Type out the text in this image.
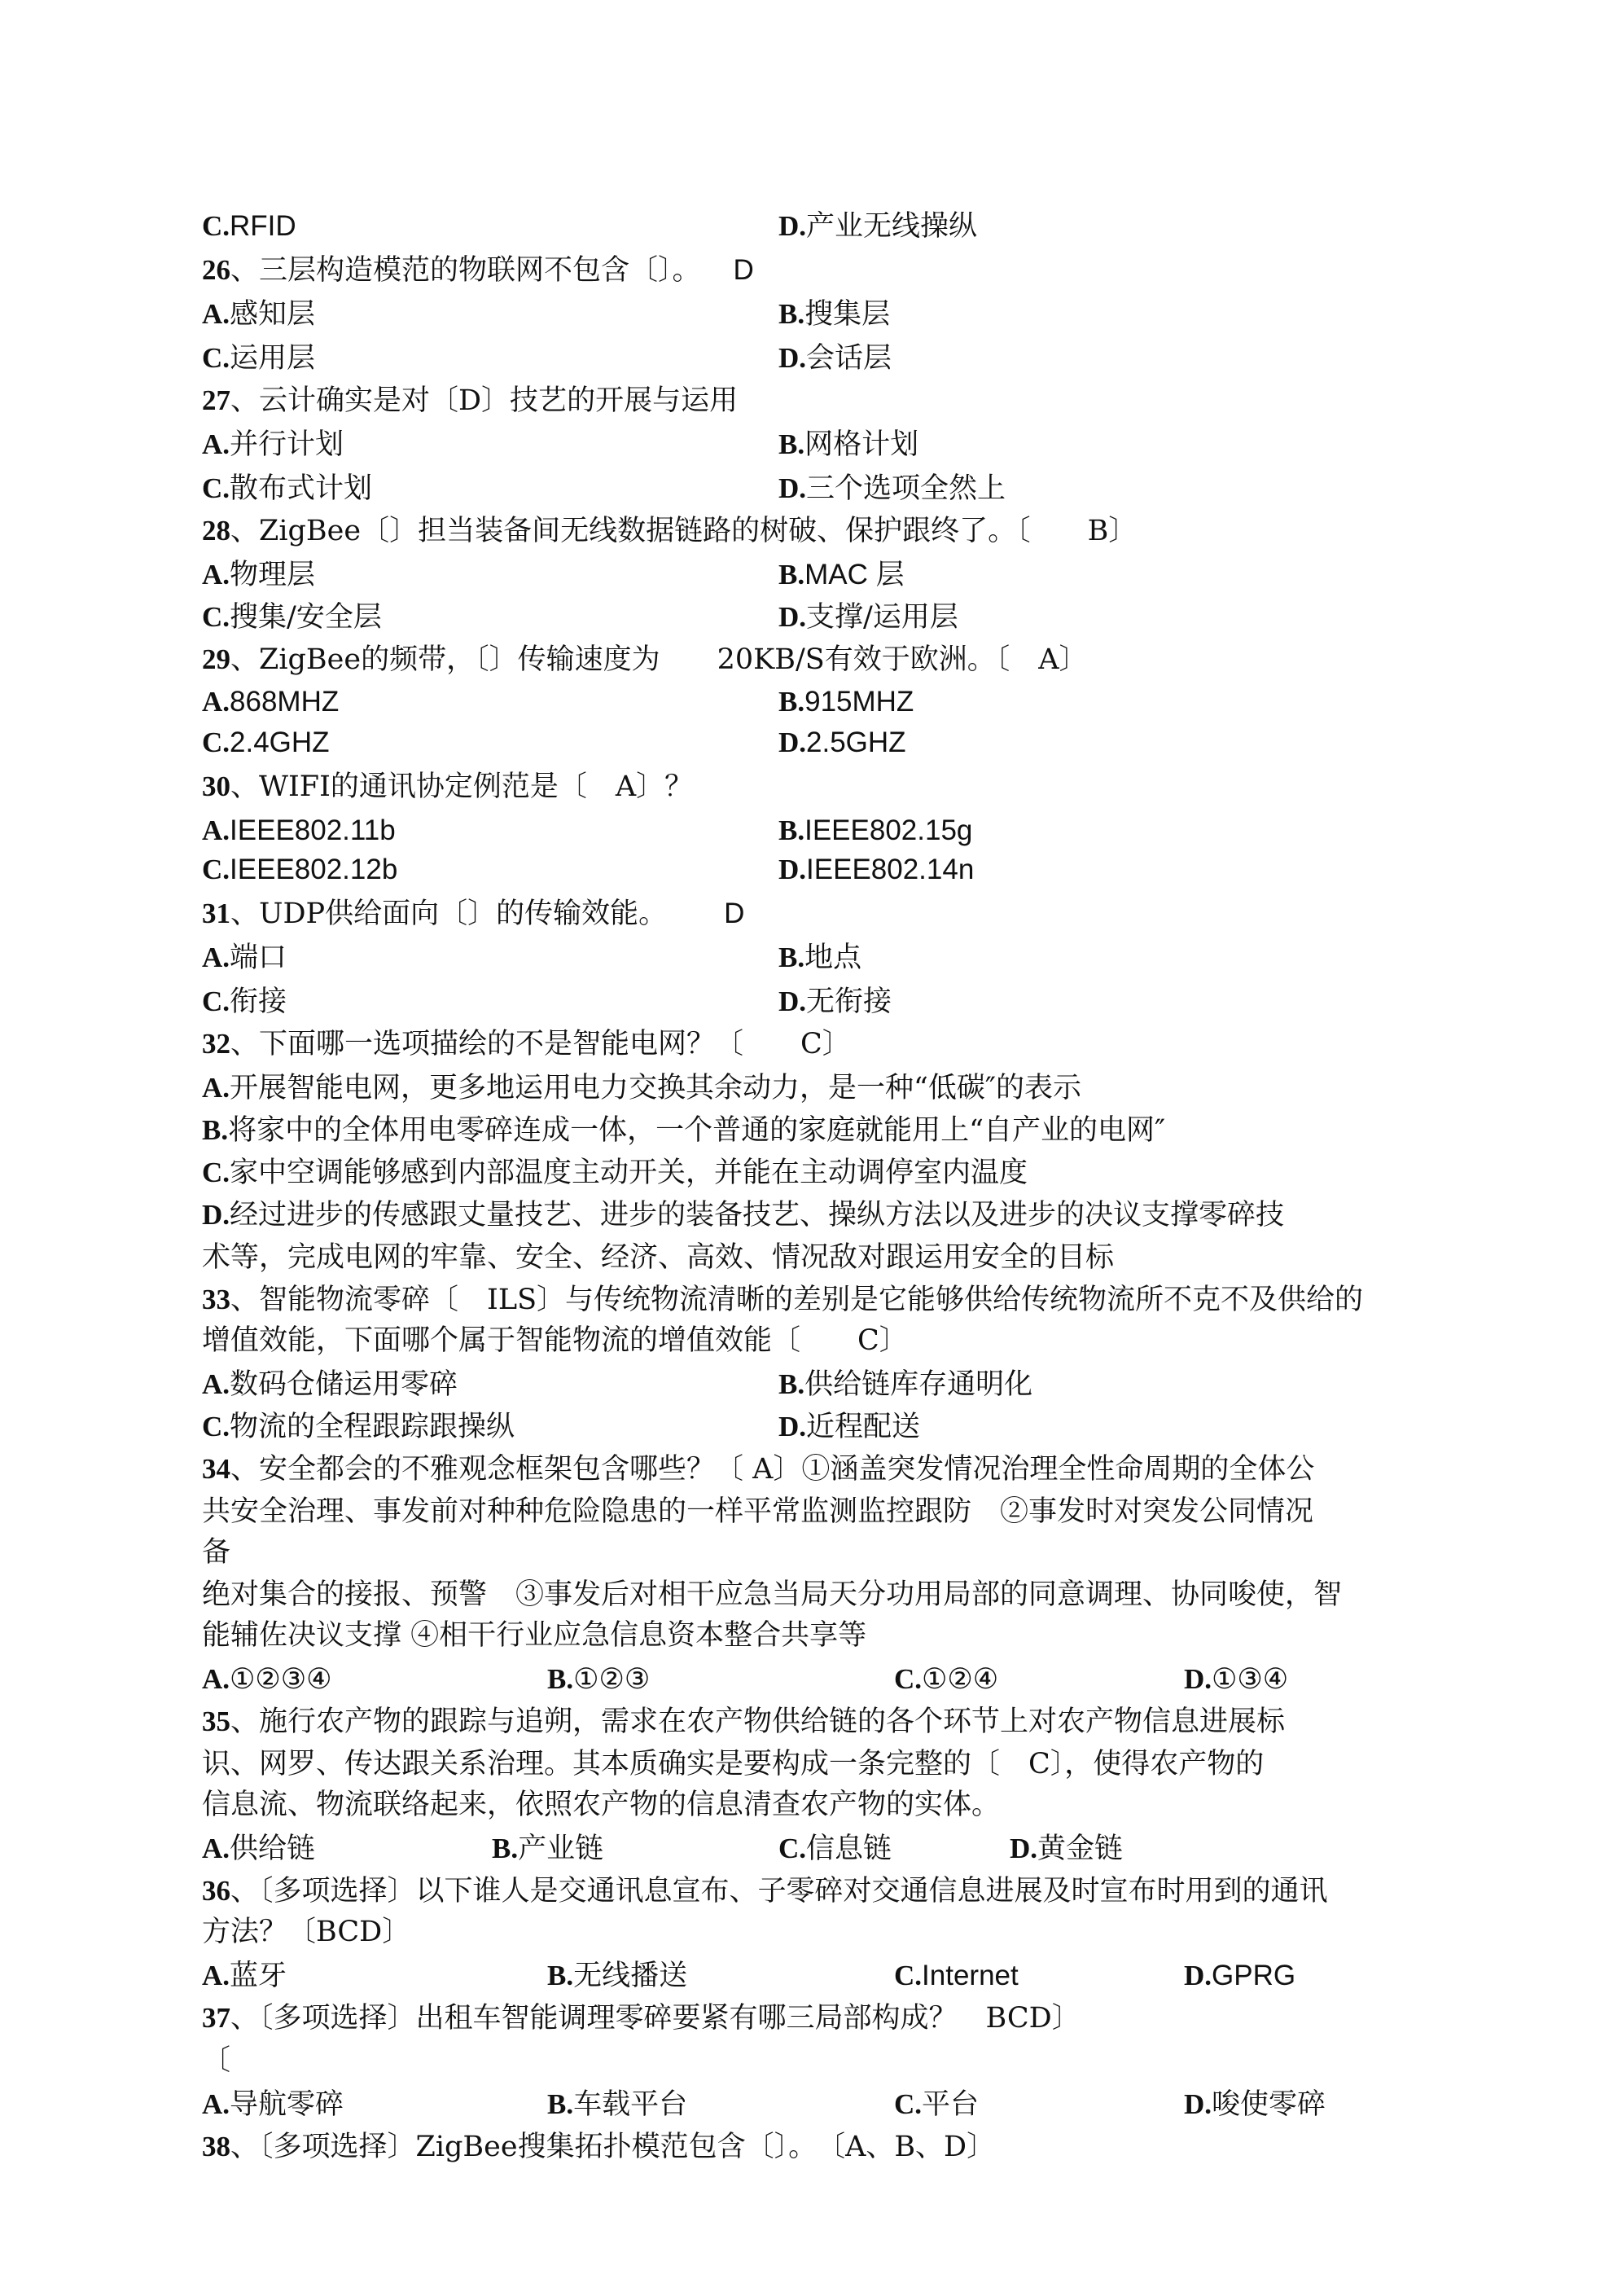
C.RFID	D.产业无线操纵
26、三层构造模范的物联网不包含〔〕。 D
A.感知层	B.搜集层
C.运用层	D.会话层
27、云计确实是对〔D〕技艺的开展与运用
A.并行计划	B.网格计划
C.散布式计划	D.三个选项全然上
28、ZigBee〔〕担当装备间无线数据链路的树破、保护跟终了。〔　　B〕
A.物理层	B.MAC 层
C.搜集/安全层	D.支撑/运用层
29、ZigBee的频带，〔〕传输速度为　　20KB/S有效于欧洲。〔　A〕
A.868MHZ	B.915MHZ
C.2.4GHZ	D.2.5GHZ
30、WIFI的通讯协定例范是〔　A〕？
A.IEEE802.11b	B.IEEE802.15g
C.IEEE802.12b	D.IEEE802.14n
31、UDP供给面向〔〕的传输效能。 D
A.端口	B.地点
C.衔接	D.无衔接
32、下面哪一选项描绘的不是智能电网？〔　　C〕
A.开展智能电网，更多地运用电力交换其余动力，是一种“低碳″的表示
B.将家中的全体用电零碎连成一体，一个普通的家庭就能用上“自产业的电网″
C.家中空调能够感到内部温度主动开关，并能在主动调停室内温度
D.经过进步的传感跟丈量技艺、进步的装备技艺、操纵方法以及进步的决议支撑零碎技
术等，完成电网的牢靠、安全、经济、高效、情况敌对跟运用安全的目标
33、智能物流零碎〔　ILS〕与传统物流清晰的差别是它能够供给传统物流所不克不及供给的
增值效能，下面哪个属于智能物流的增值效能〔　　C〕
A.数码仓储运用零碎	B.供给链库存通明化
C.物流的全程跟踪跟操纵	D.近程配送
34、安全都会的不雅观念框架包含哪些？〔 A〕①涵盖突发情况治理全性命周期的全体公
共安全治理、事发前对种种危险隐患的一样平常监测监控跟防　②事发时对突发公同情况
备
绝对集合的接报、预警　③事发后对相干应急当局天分功用局部的同意调理、协同唆使，智
能辅佐决议支撑 ④相干行业应急信息资本整合共享等
A.①②③④	B.①②③	C.①②④	D.①③④
35、施行农产物的跟踪与追朔，需求在农产物供给链的各个环节上对农产物信息进展标
识、网罗、传达跟关系治理。其本质确实是要构成一条完整的〔　C〕，使得农产物的
信息流、物流联络起来，依照农产物的信息清查农产物的实体。
A.供给链	B.产业链	C.信息链	D.黄金链
36、〔多项选择〕以下谁人是交通讯息宣布、子零碎对交通信息进展及时宣布时用到的通讯
方法？〔BCD〕
A.蓝牙	B.无线播送	C.Internet	D.GPRG
37、〔多项选择〕出租车智能调理零碎要紧有哪三局部构成？　BCD〕
〔
A.导航零碎	B.车载平台	C.平台	D.唆使零碎
38、〔多项选择〕ZigBee搜集拓扑模范包含〔〕。　〔A、B、D〕
